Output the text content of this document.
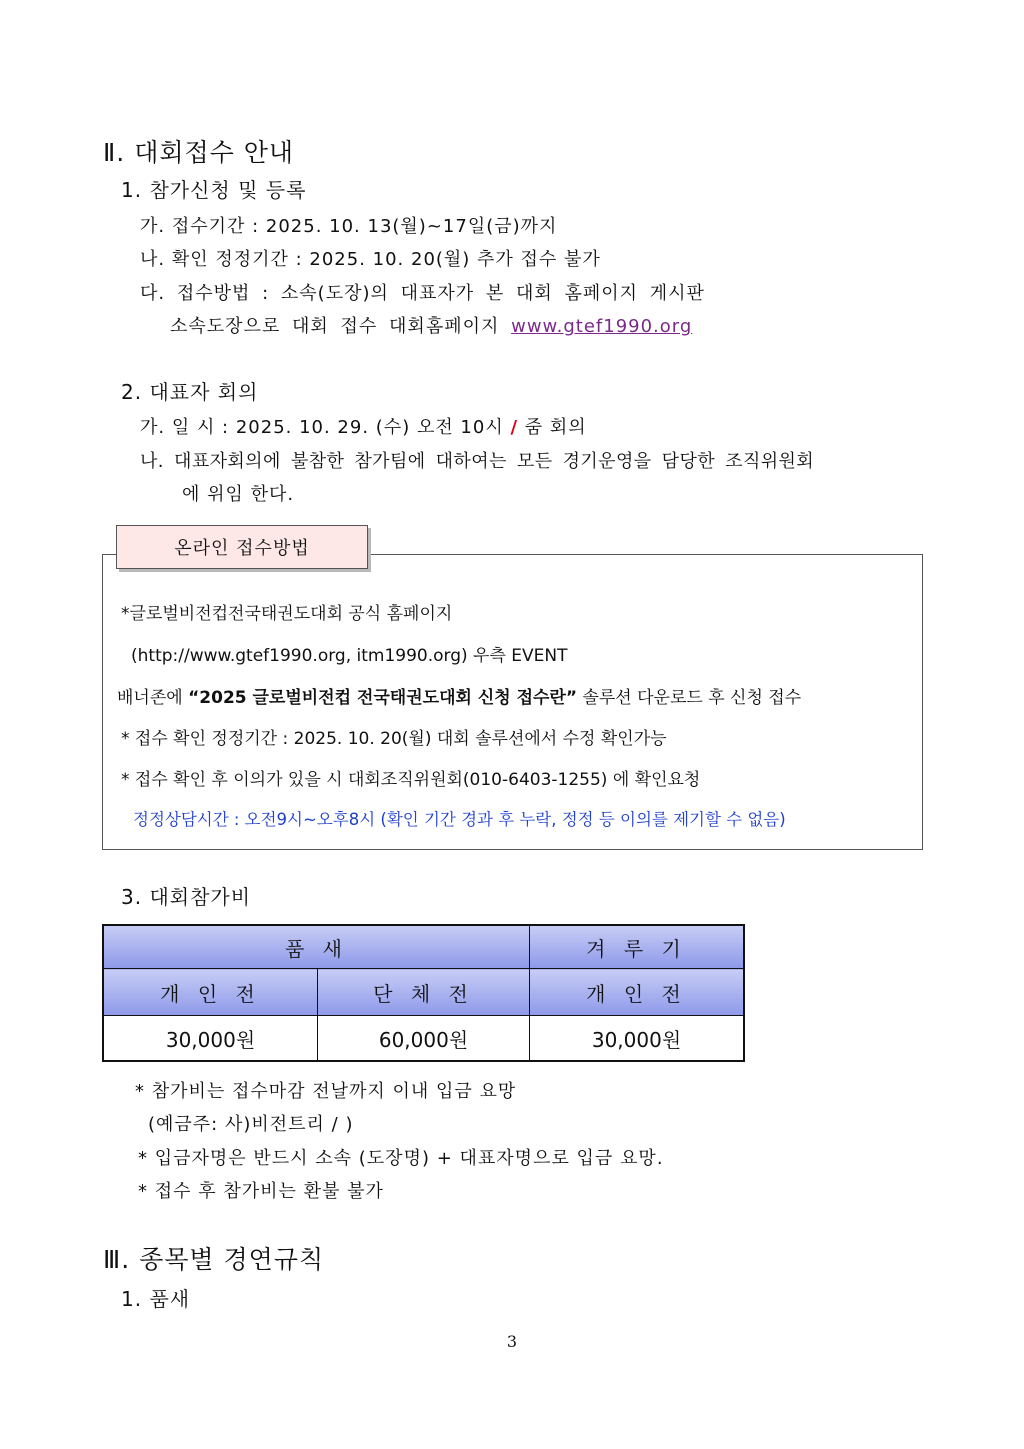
Ⅱ. 대회접수 안내
1. 참가신청 및 등록
가. 접수기간 : 2025. 10. 13(월)~17일(금)까지
나. 확인 정정기간 : 2025. 10. 20(월) 추가 접수 불가
다. 접수방법 : 소속(도장)의 대표자가 본 대회 홈페이지 게시판
소속도장으로 대회 접수 대회홈페이지 www.gtef1990.org
2. 대표자 회의
가. 일 시 : 2025. 10. 29. (수) 오전 10시 / 줌 회의
나. 대표자회의에 불참한 참가팀에 대하여는 모든 경기운영을 담당한 조직위원회
에 위임 한다.
*글로벌비전컵전국태권도대회 공식 홈페이지
(http://www.gtef1990.org, itm1990.org) 우측 EVENT
배너존에 “2025 글로벌비전컵 전국태권도대회 신청 접수란” 솔루션 다운로드 후 신청 접수
* 접수 확인 정정기간 : 2025. 10. 20(월) 대회 솔루션에서 수정 확인가능
* 접수 확인 후 이의가 있을 시 대회조직위원회(010-6403-1255) 에 확인요청
정정상담시간 : 오전9시~오후8시 (확인 기간 경과 후 누락, 정정 등 이의를 제기할 수 없음)
온라인 접수방법
3. 대회참가비
품 새		겨 루 기
개 인 전	단 체 전	개 인 전
30,000원	60,000원	30,000원
* 참가비는 접수마감 전날까지 이내 입금 요망
(예금주: 사)비전트리 / )
* 입금자명은 반드시 소속 (도장명) + 대표자명으로 입금 요망.
* 접수 후 참가비는 환불 불가
Ⅲ. 종목별 경연규칙
1. 품새
3
